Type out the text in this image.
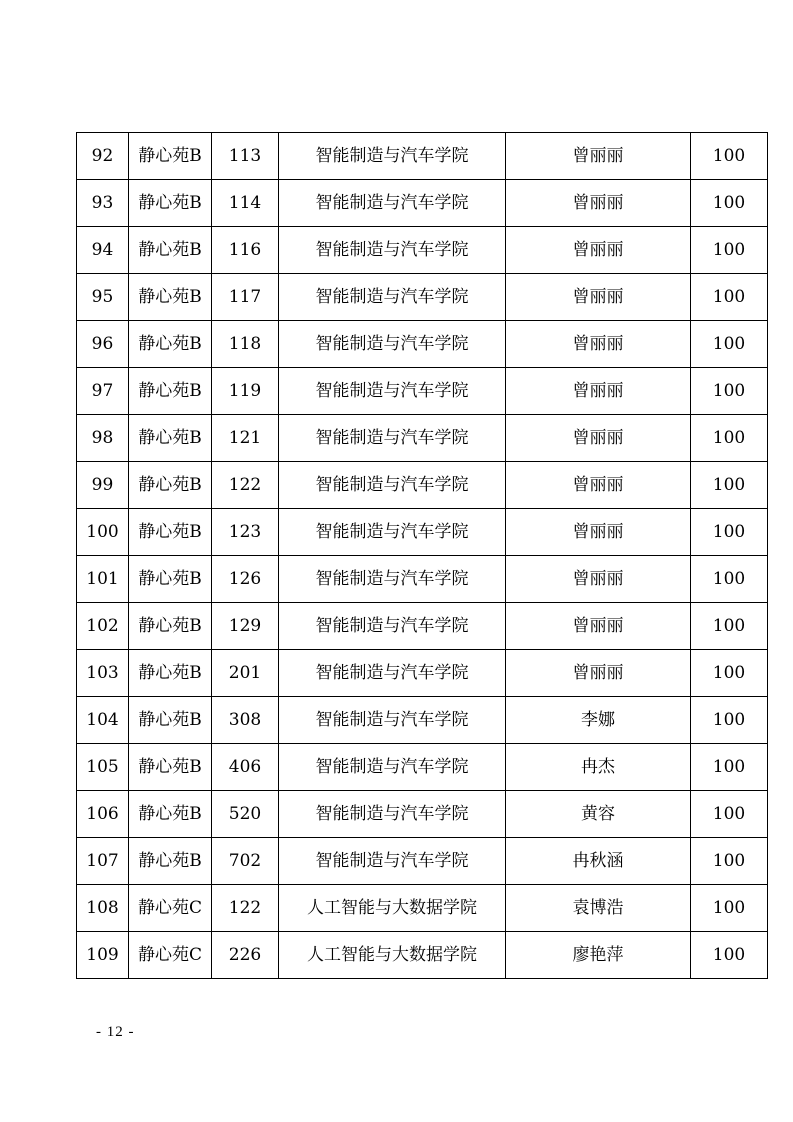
92	静心苑B	113	智能制造与汽车学院	曾丽丽	100
93	静心苑B	114	智能制造与汽车学院	曾丽丽	100
94	静心苑B	116	智能制造与汽车学院	曾丽丽	100
95	静心苑B	117	智能制造与汽车学院	曾丽丽	100
96	静心苑B	118	智能制造与汽车学院	曾丽丽	100
97	静心苑B	119	智能制造与汽车学院	曾丽丽	100
98	静心苑B	121	智能制造与汽车学院	曾丽丽	100
99	静心苑B	122	智能制造与汽车学院	曾丽丽	100
100	静心苑B	123	智能制造与汽车学院	曾丽丽	100
101	静心苑B	126	智能制造与汽车学院	曾丽丽	100
102	静心苑B	129	智能制造与汽车学院	曾丽丽	100
103	静心苑B	201	智能制造与汽车学院	曾丽丽	100
104	静心苑B	308	智能制造与汽车学院	李娜	100
105	静心苑B	406	智能制造与汽车学院	冉杰	100
106	静心苑B	520	智能制造与汽车学院	黄容	100
107	静心苑B	702	智能制造与汽车学院	冉秋涵	100
108	静心苑C	122	人工智能与大数据学院	袁博浩	100
109	静心苑C	226	人工智能与大数据学院	廖艳萍	100
- 12 -
